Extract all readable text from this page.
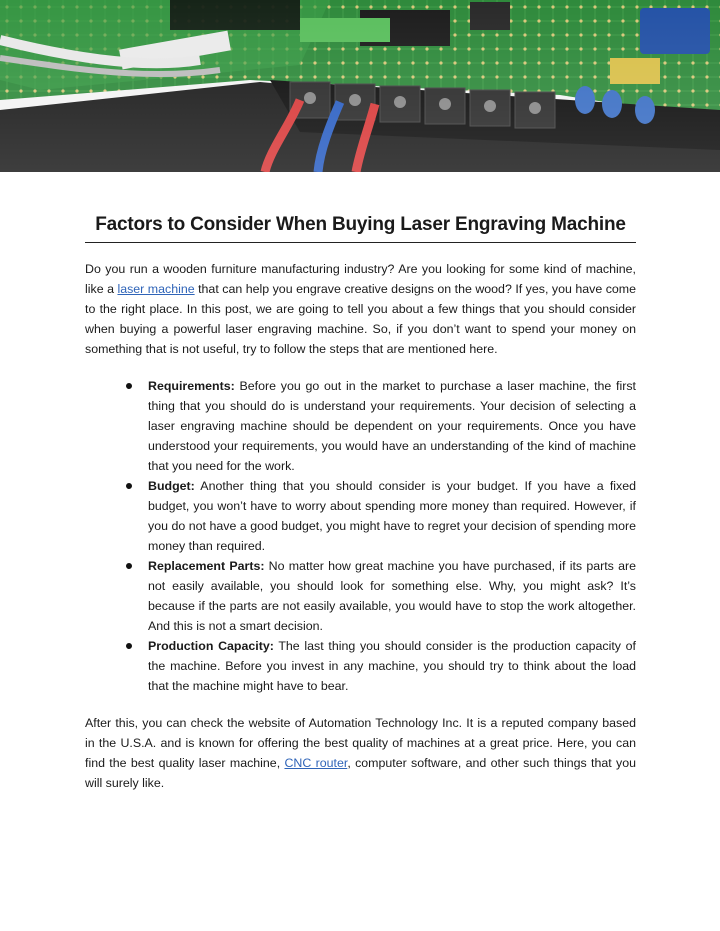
Factors to Consider When Buying Laser Engraving Machine

Do you run a wooden furniture manufacturing industry? Are you looking for some kind of machine, like a laser machine that can help you engrave creative designs on the wood? If yes, you have come to the right place. In this post, we are going to tell you about a few things that you should consider when buying a powerful laser engraving machine. So, if you don’t want to spend your money on something that is not useful, try to follow the steps that are mentioned here.

Requirements: Before you go out in the market to purchase a laser machine, the first thing that you should do is understand your requirements. Your decision of selecting a laser engraving machine should be dependent on your requirements. Once you have understood your requirements, you would have an understanding of the kind of machine that you need for the work.
Budget: Another thing that you should consider is your budget. If you have a fixed budget, you won’t have to worry about spending more money than required. However, if you do not have a good budget, you might have to regret your decision of spending more money than required.
Replacement Parts: No matter how great machine you have purchased, if its parts are not easily available, you should look for something else. Why, you might ask? It’s because if the parts are not easily available, you would have to stop the work altogether. And this is not a smart decision.
Production Capacity: The last thing you should consider is the production capacity of the machine. Before you invest in any machine, you should try to think about the load that the machine might have to bear.

After this, you can check the website of Automation Technology Inc. It is a reputed company based in the U.S.A. and is known for offering the best quality of machines at a great price. Here, you can find the best quality laser machine, CNC router, computer software, and other such things that you will surely like.
